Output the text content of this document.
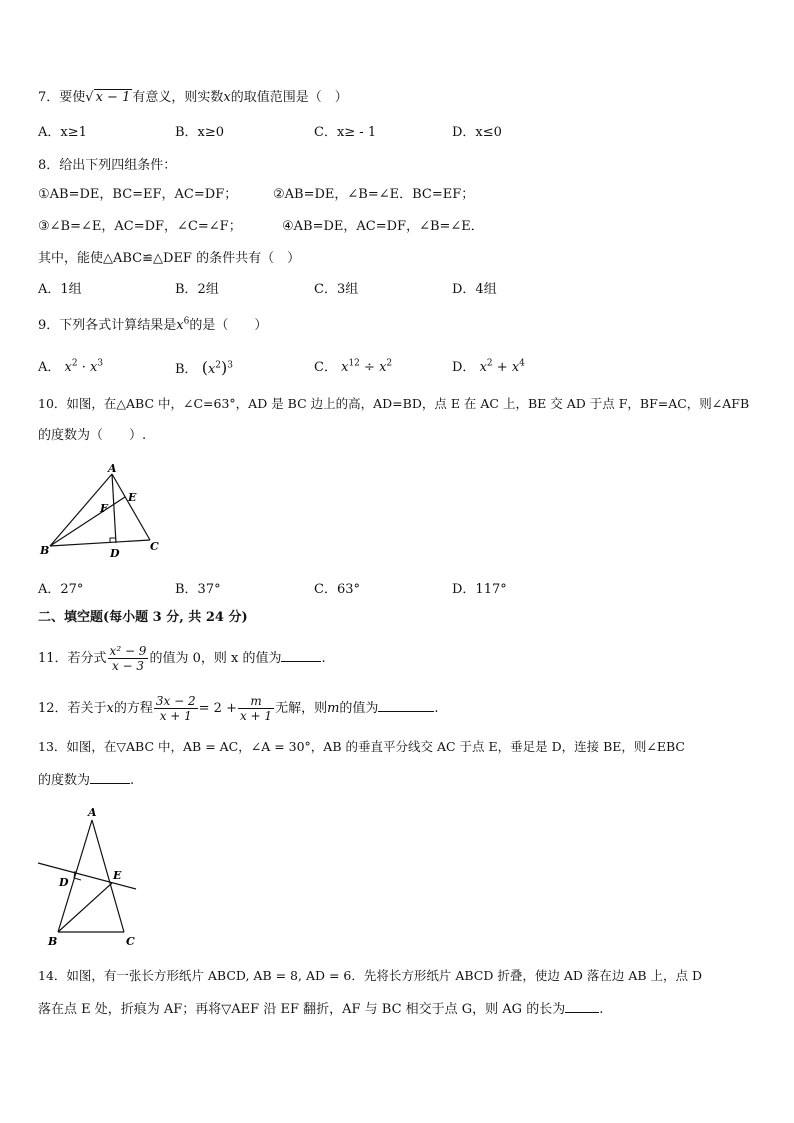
7．要使√ x − 1 有意义，则实数x的取值范围是（　）
A．x≥1	B．x≥0	C．x≥ - 1	D．x≤0
8．给出下列四组条件：
①AB=DE，BC=EF，AC=DF；	②AB=DE，∠B=∠E．BC=EF；
③∠B=∠E，AC=DF，∠C=∠F；	④AB=DE，AC=DF，∠B=∠E．
其中，能使△ABC≌△DEF 的条件共有（　）
A．1组	B．2组	C．3组	D．4组
9．下列各式计算结果是$x^6$的是（　　）
A． $x^2 \cdot x^3$	B． $(x^2)^3$	C． $x^{12} \div x^2$	D． $x^2 + x^4$
10．如图，在△ABC 中，∠C=63°，AD 是 BC 边上的高，AD=BD，点 E 在 AC 上，BE 交 AD 于点 F，BF=AC，则∠AFB
的度数为（　　）.
A
B	C
D
E
F
A．27°	B．37°	C．63°	D．117°
二、填空题(每小题 3 分, 共 24 分)
11．若分式 $\frac{\text{x² − 9}}{x - 3}$ 的值为 0，则 x 的值为	.
12．若关于x的方程 $\frac{3x - 2}{x + 1} = 2 + \frac{m}{x + 1}$ 无解，则m的值为	.
13．如图，在▽ABC 中，AB = AC，∠A = 30°，AB 的垂直平分线交 AC 于点 E，垂足是 D，连接 BE，则∠EBC
的度数为	.
A
B	C
D
E
14．如图，有一张长方形纸片 ABCD, AB = 8, AD = 6．先将长方形纸片 ABCD 折叠，使边 AD 落在边 AB 上，点 D
落在点 E 处，折痕为 AF；再将▽AEF 沿 EF 翻折，AF 与 BC 相交于点 G，则 AG 的长为	.
